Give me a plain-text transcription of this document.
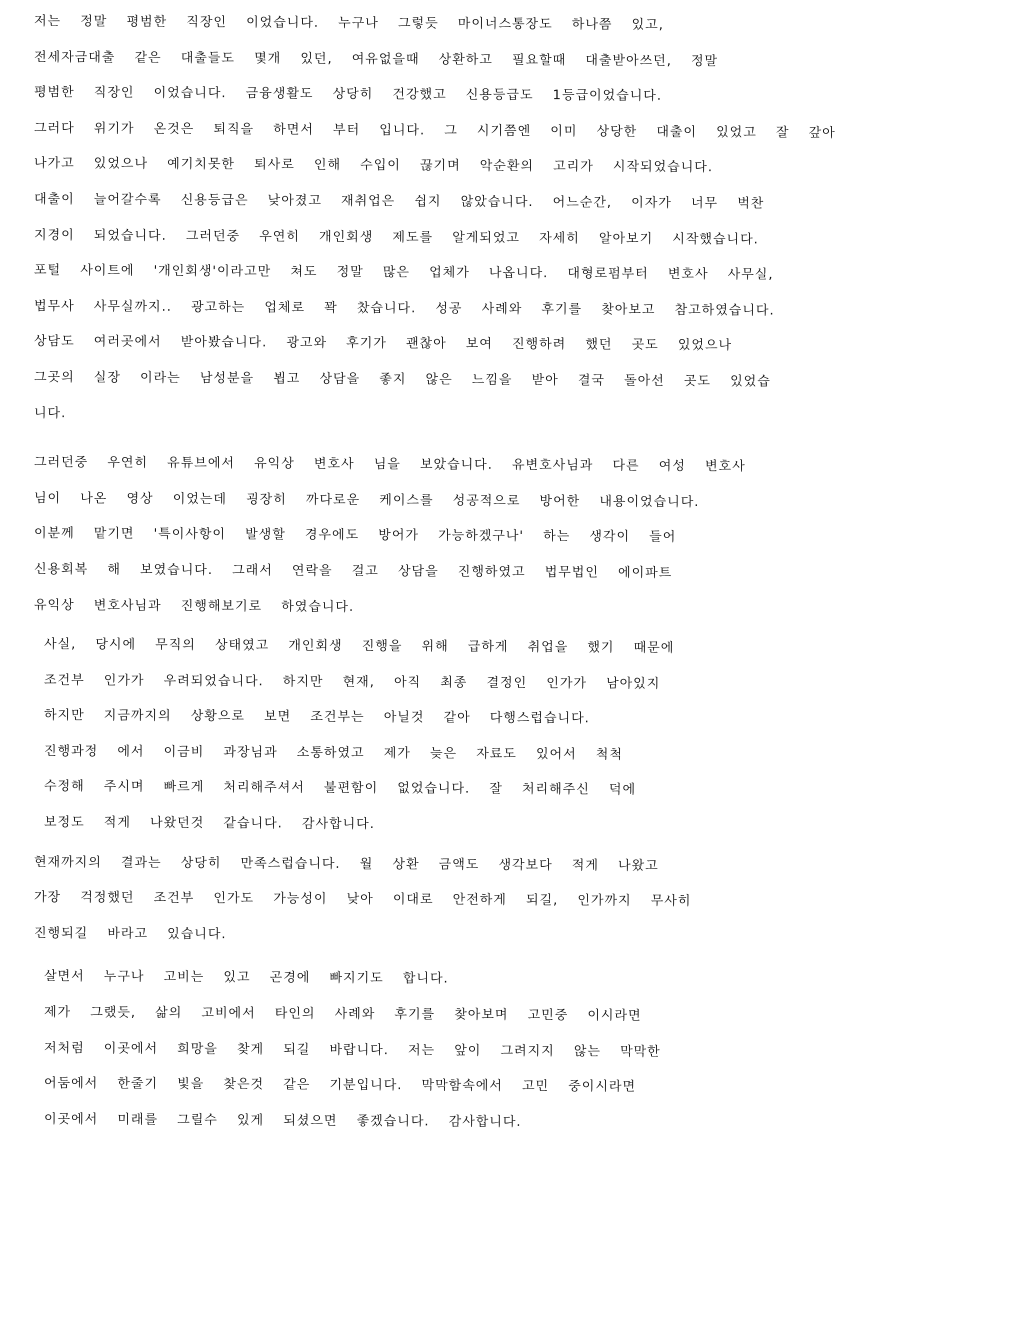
저는 정말 평범한 직장인 이었습니다. 누구나 그렇듯 마이너스통장도 하나쯤 있고,
전세자금대출 같은 대출들도 몇개 있던, 여유없을때 상환하고 필요할때 대출받아쓰던, 정말
평범한 직장인 이었습니다. 금융생활도 상당히 건강했고 신용등급도 1등급이었습니다.
그러다 위기가 온것은 퇴직을 하면서 부터 입니다. 그 시기쯤엔 이미 상당한 대출이 있었고 잘 갚아
나가고 있었으나 예기치못한 퇴사로 인해 수입이 끊기며 악순환의 고리가 시작되었습니다.
대출이 늘어갈수록 신용등급은 낮아졌고 재취업은 쉽지 않았습니다. 어느순간, 이자가 너무 벅찬
지경이 되었습니다. 그러던중 우연히 개인회생 제도를 알게되었고 자세히 알아보기 시작했습니다.
포털 사이트에 '개인회생'이라고만 쳐도 정말 많은 업체가 나옵니다. 대형로펌부터 변호사 사무실,
법무사 사무실까지.. 광고하는 업체로 꽉 찼습니다. 성공 사례와 후기를 찾아보고 참고하였습니다.
상담도 여러곳에서 받아봤습니다. 광고와 후기가 괜찮아 보여 진행하려 했던 곳도 있었으나
그곳의 실장 이라는 남성분을 뵙고 상담을 좋지 않은 느낌을 받아 결국 돌아선 곳도 있었습
니다.
그러던중 우연히 유튜브에서 유익상 변호사 님을 보았습니다. 유변호사님과 다른 여성 변호사
님이 나온 영상 이었는데 굉장히 까다로운 케이스를 성공적으로 방어한 내용이었습니다.
이분께 맡기면 '특이사항이 발생할 경우에도 방어가 가능하겠구나' 하는 생각이 들어
신용회복 해 보였습니다. 그래서 연락을 걸고 상담을 진행하였고 법무법인 에이파트
유익상 변호사님과 진행해보기로 하였습니다.
사실, 당시에 무직의 상태였고 개인회생 진행을 위해 급하게 취업을 했기 때문에
조건부 인가가 우려되었습니다. 하지만 현재, 아직 최종 결정인 인가가 남아있지
하지만 지금까지의 상황으로 보면 조건부는 아닐것 같아 다행스럽습니다.
진행과정 에서 이금비 과장님과 소통하였고 제가 늦은 자료도 있어서 척척
수정해 주시며 빠르게 처리해주셔서 불편함이 없었습니다. 잘 처리해주신 덕에
보정도 적게 나왔던것 같습니다. 감사합니다.
현재까지의 결과는 상당히 만족스럽습니다. 월 상환 금액도 생각보다 적게 나왔고
가장 걱정했던 조건부 인가도 가능성이 낮아 이대로 안전하게 되길, 인가까지 무사히
진행되길 바라고 있습니다.
살면서 누구나 고비는 있고 곤경에 빠지기도 합니다.
제가 그랬듯, 삶의 고비에서 타인의 사례와 후기를 찾아보며 고민중 이시라면
저처럼 이곳에서 희망을 찾게 되길 바랍니다. 저는 앞이 그려지지 않는 막막한
어둠에서 한줄기 빛을 찾은것 같은 기분입니다. 막막함속에서 고민 중이시라면
이곳에서 미래를 그릴수 있게 되셨으면 좋겠습니다. 감사합니다.
